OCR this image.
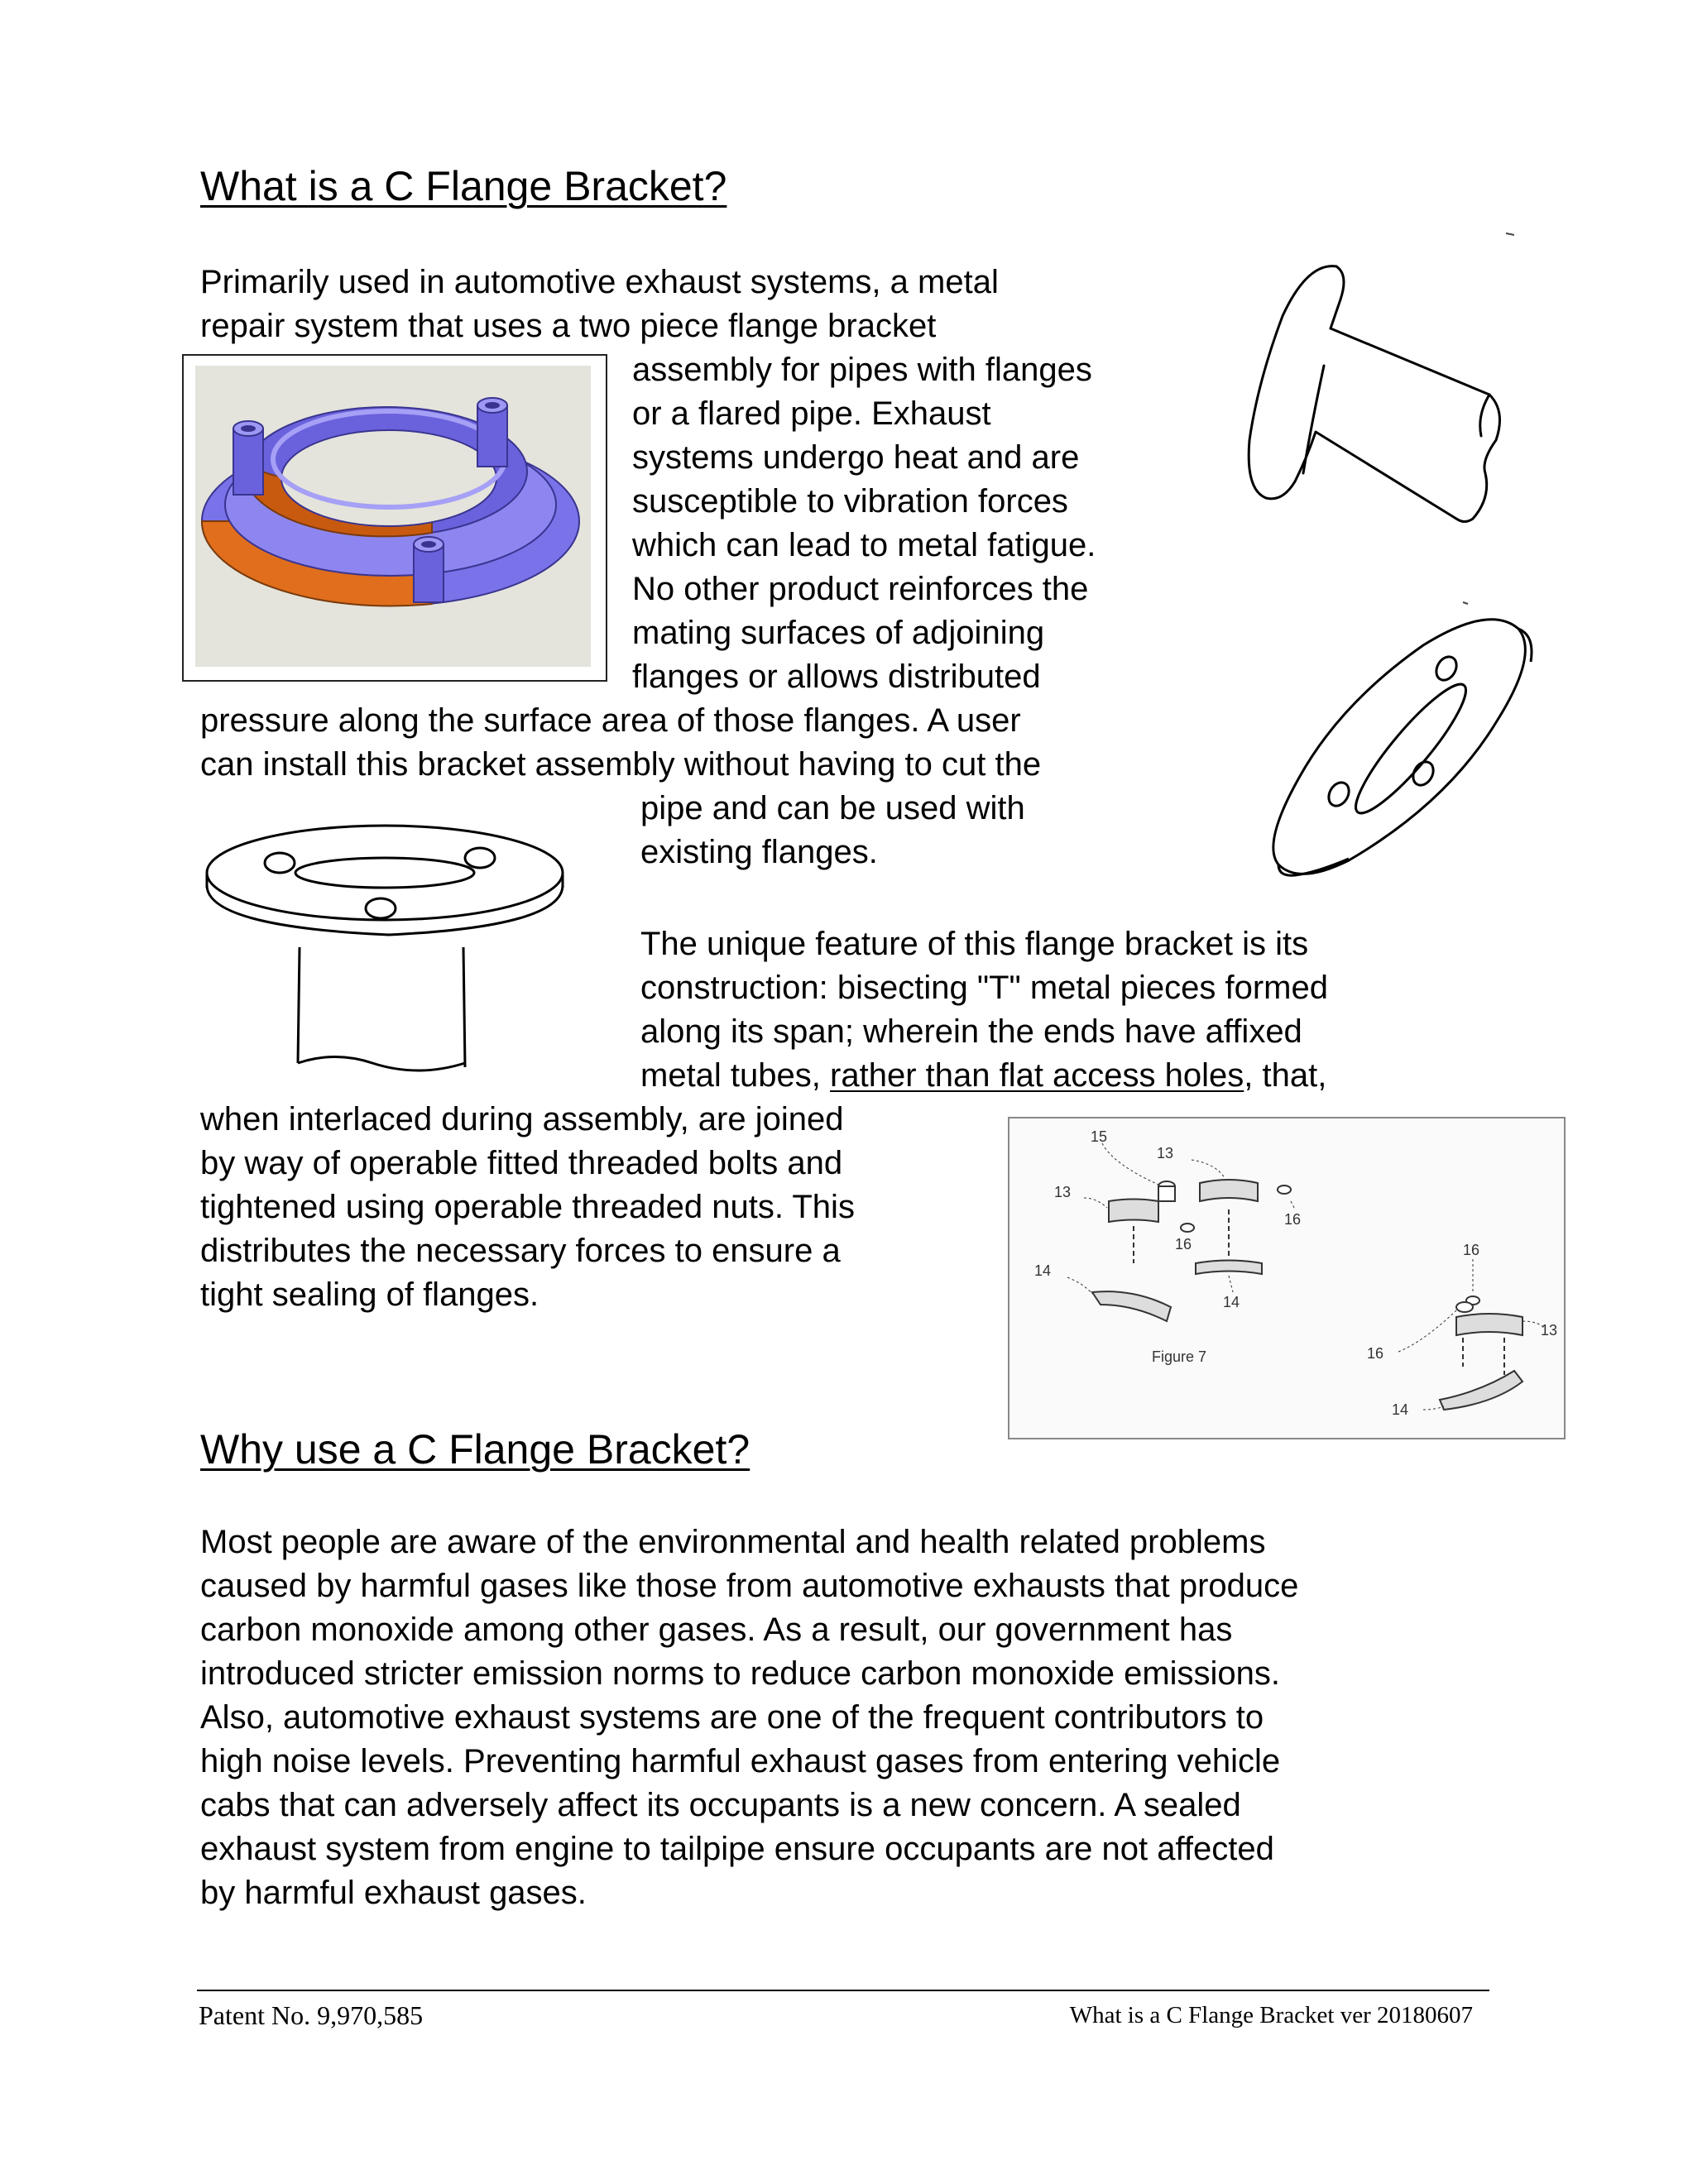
What is a C Flange Bracket?
Primarily used in automotive exhaust systems, a metal
repair system that uses a two piece flange bracket
assembly for pipes with flanges
or a flared pipe. Exhaust
systems undergo heat and are
susceptible to vibration forces
which can lead to metal fatigue.
No other product reinforces the
mating surfaces of adjoining
flanges or allows distributed
pressure along the surface area of those flanges. A user
can install this bracket assembly without having to cut the
pipe and can be used with
existing flanges.
The unique feature of this flange bracket is its
construction: bisecting "T" metal pieces formed
along its span; wherein the ends have affixed
metal tubes, rather than flat access holes, that,
when interlaced during assembly, are joined
by way of operable fitted threaded bolts and
tightened using operable threaded nuts. This
distributes the necessary forces to ensure a
tight sealing of flanges.
Why use a C Flange Bracket?
Most people are aware of the environmental and health related problems
caused by harmful gases like those from automotive exhausts that produce
carbon monoxide among other gases. As a result, our government has
introduced stricter emission norms to reduce carbon monoxide emissions.
Also, automotive exhaust systems are one of the frequent contributors to
high noise levels. Preventing harmful exhaust gases from entering vehicle
cabs that can adversely affect its occupants is a new concern. A sealed
exhaust system from engine to tailpipe ensure occupants are not affected
by harmful exhaust gases.
15
13
13
16
16
14
14
16
13
16
14
Figure 7
Patent No. 9,970,585	What is a C Flange Bracket ver 20180607
